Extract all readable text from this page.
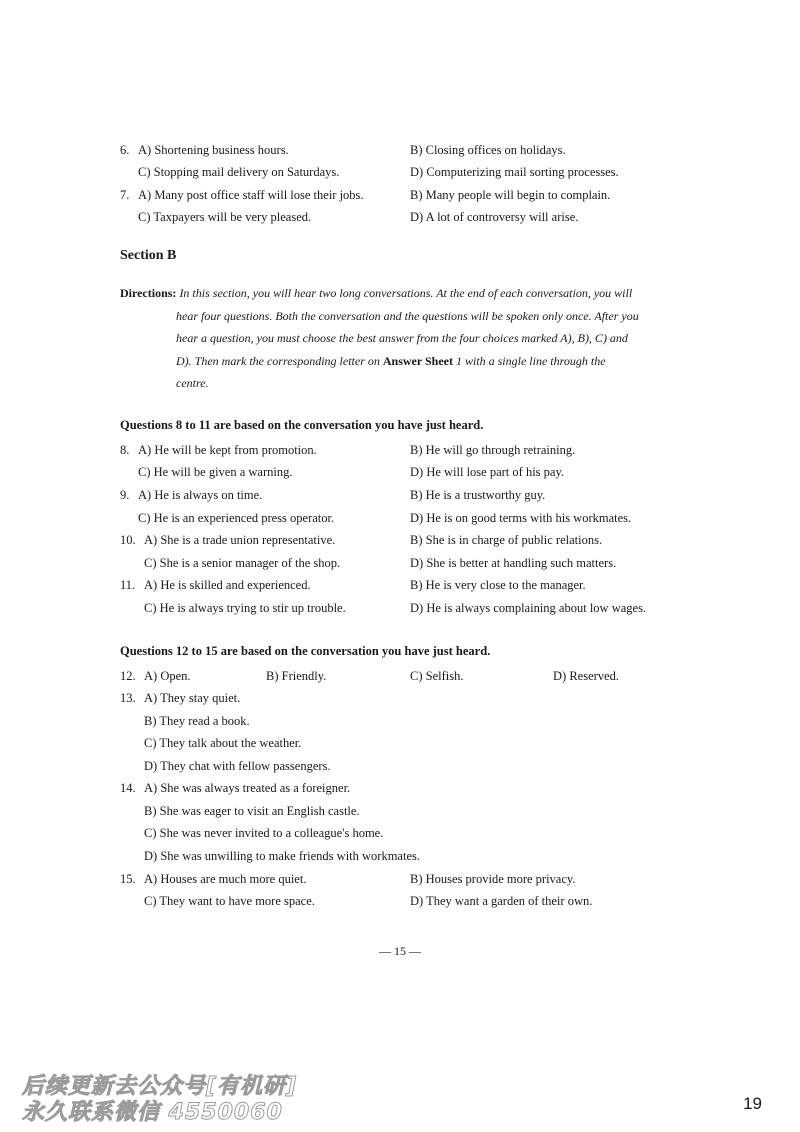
6. A) Shortening business hours.	B) Closing offices on holidays.
C) Stopping mail delivery on Saturdays.	D) Computerizing mail sorting processes.
7. A) Many post office staff will lose their jobs.	B) Many people will begin to complain.
C) Taxpayers will be very pleased.	D) A lot of controversy will arise.
Section B
Directions: In this section, you will hear two long conversations. At the end of each conversation, you will
hear four questions. Both the conversation and the questions will be spoken only once. After you
hear a question, you must choose the best answer from the four choices marked A), B), C) and
D). Then mark the corresponding letter on Answer Sheet 1 with a single line through the
centre.
Questions 8 to 11 are based on the conversation you have just heard.
8. A) He will be kept from promotion.	B) He will go through retraining.
C) He will be given a warning.	D) He will lose part of his pay.
9. A) He is always on time.	B) He is a trustworthy guy.
C) He is an experienced press operator.	D) He is on good terms with his workmates.
10. A) She is a trade union representative.	B) She is in charge of public relations.
C) She is a senior manager of the shop.	D) She is better at handling such matters.
11. A) He is skilled and experienced.	B) He is very close to the manager.
C) He is always trying to stir up trouble.	D) He is always complaining about low wages.
Questions 12 to 15 are based on the conversation you have just heard.
12. A) Open.	B) Friendly.	C) Selfish.	D) Reserved.
13. A) They stay quiet.
B) They read a book.
C) They talk about the weather.
D) They chat with fellow passengers.
14. A) She was always treated as a foreigner.
B) She was eager to visit an English castle.
C) She was never invited to a colleague's home.
D) She was unwilling to make friends with workmates.
15. A) Houses are much more quiet.	B) Houses provide more privacy.
C) They want to have more space.	D) They want a garden of their own.
— 15 —
19
后续更新去公众号[有机研]
永久联系微信 4550060
